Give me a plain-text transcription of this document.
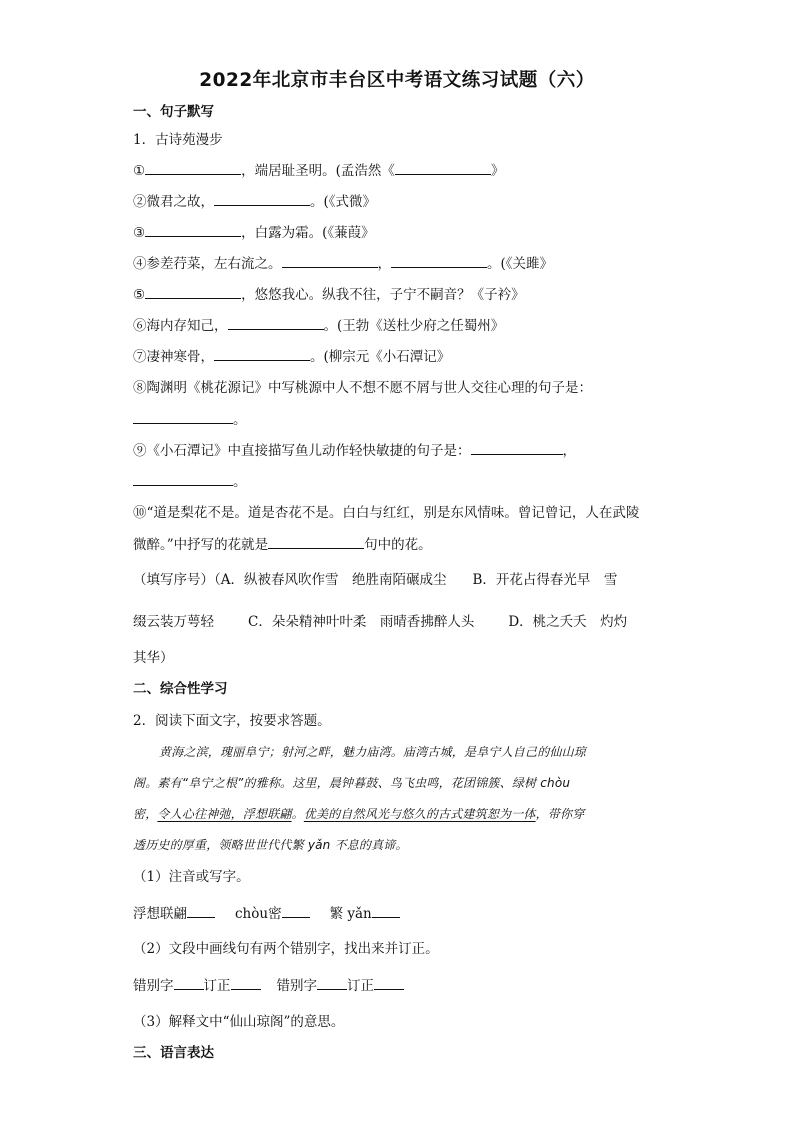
2022年北京市丰台区中考语文练习试题（六）
一、句子默写
1．古诗苑漫步
①	，端居耻圣明。(孟浩然《	》
②微君之故，	。(《式微》
③	，白露为霜。(《蒹葭》
④参差荇菜，左右流之。	，	。(《关雎》
⑤	，悠悠我心。纵我不往，子宁不嗣音？《子衿》
⑥海内存知己，	。(王勃《送杜少府之任蜀州》
⑦凄神寒骨，	。(柳宗元《小石潭记》
⑧陶渊明《桃花源记》中写桃源中人不想不愿不屑与世人交往心理的句子是：
。
⑨《小石潭记》中直接描写鱼儿动作轻快敏捷的句子是：	，
。
⑩“道是梨花不是。道是杏花不是。白白与红红，别是东风情味。曾记曾记，人在武陵
微醉。”中抒写的花就是	句中的花。
（填写序号）（A．纵被春风吹作雪　绝胜南陌碾成尘 B．开花占得春光早　雪
缀云装万萼轻	C．朵朵精神叶叶柔　雨晴香拂醉人头	D．桃之夭夭　灼灼
其华）
二、综合性学习
2．阅读下面文字，按要求答题。
黄海之滨，瑰丽阜宁；射河之畔，魅力庙湾。庙湾古城，是阜宁人自己的仙山琼
阁。素有“阜宁之根”的雅称。这里，晨钟暮鼓、鸟飞虫鸣，花团锦簇、绿树 chòu
密，令人心往神弛，浮想联翩。优美的自然风光与悠久的古式建筑恕为一体，带你穿
透历史的厚重，领略世世代代繁 yǎn 不息的真谛。
（1）注音或写字。
浮想联翩	chòu密	繁 yǎn
（2）文段中画线句有两个错别字，找出来并订正。
错别字 订正	错别字 订正
（3）解释文中“仙山琼阁”的意思。
三、语言表达
